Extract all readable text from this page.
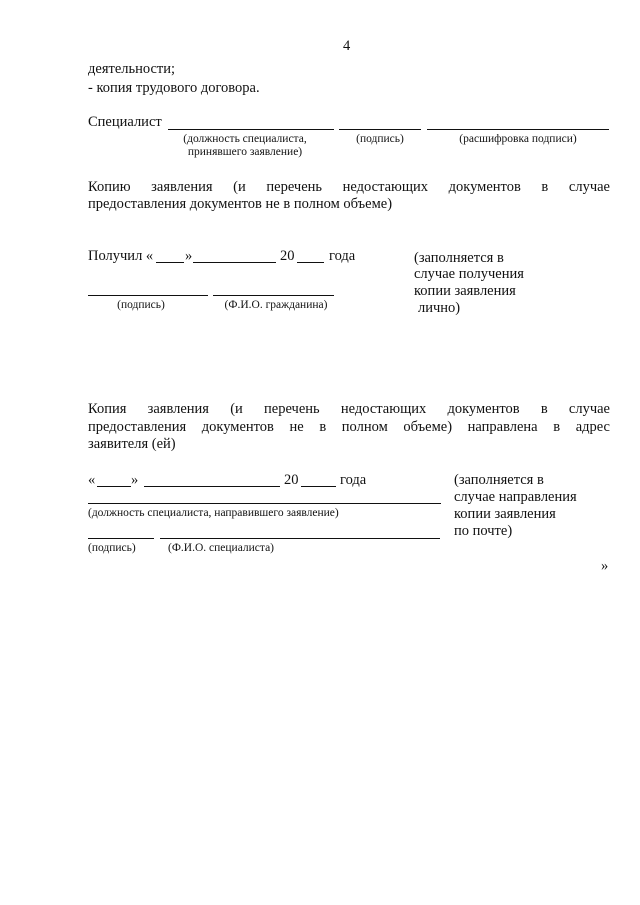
4
деятельности;
- копия трудового договора.
Специалист
(должность специалиста,
принявшего заявление)
(подпись)	(расшифровка подписи)
Копию заявления (и перечень недостающих документов в случае
предоставления документов не в полном объеме)
Получил « »	20 года	(заполняется в
случае получения
копии заявления
лично)
(подпись)	(Ф.И.О. гражданина)
Копия заявления (и перечень недостающих документов в случае
предоставления документов не в полном объеме) направлена в адрес
заявителя (ей)
« »	20	года	(заполняется в
случае направления
копии заявления
по почте)
(должность специалиста, направившего заявление)
(подпись)	(Ф.И.О. специалиста)
»
